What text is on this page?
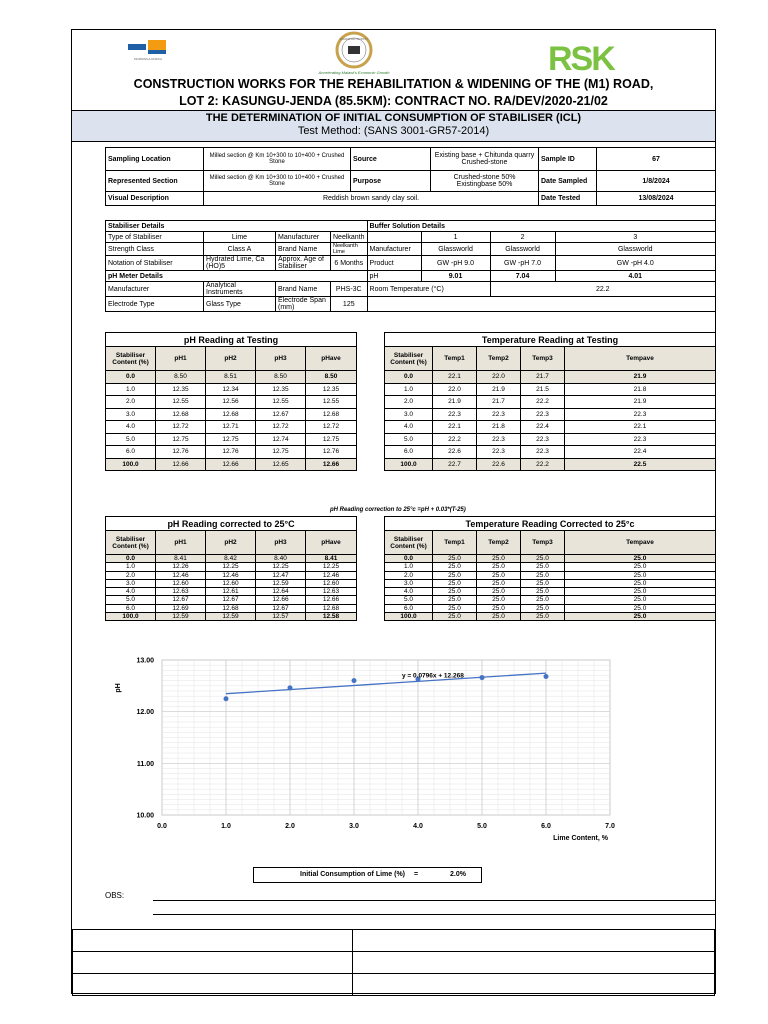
MORNINGA AFRICA
ROADS AUTHORITY
Accelerating Malawi's Economic Growth	RSK
CONSTRUCTION WORKS FOR THE REHABILITATION & WIDENING OF THE (M1) ROAD,
LOT 2: KASUNGU-JENDA (85.5KM): CONTRACT NO. RA/DEV/2020-21/02
THE DETERMINATION OF INITIAL CONSUMPTION OF STABILISER (ICL)
Test Method: (SANS 3001-GR57-2014)
Sampling Location	Milled section @ Km 10+300 to 10+400 + Crushed Stone	Source	Existing base + Chitunda quarry Crushed-stone	Sample ID	67
Represented Section	Milled section @ Km 10+300 to 10+400 + Crushed Stone	Purpose	Crushed-stone 50% Existingbase 50%	Date Sampled	1/8/2024
Visual Description	Reddish brown sandy clay soil.			Date Tested	13/08/2024
Stabiliser Details				Buffer Solution Details			
Type of Stabiliser	Lime	Manufacturer	Neelkanth		1	2	3
Strength Class	Class A	Brand Name	Neelkanth Lime	Manufacturer	Glassworld	Glassworld	Glassworld
Notation of Stabiliser	Hydrated Lime, Ca (HO)5	Approx. Age of Stabiliser	6 Months	Product	GW -pH 9.0	GW -pH 7.0	GW -pH 4.0
pH Meter Details				pH	9.01	7.04	4.01
Manufacturer	Analytical Instruments	Brand Name	PHS-3C	Room Temperature (°C)		22.2	
Electrode Type	Glass Type	Electrode Span (mm)	125				
pH Reading at Testing				
Stabiliser Content (%)	pH1	pH2	pH3	pHave
0.0	8.50	8.51	8.50	8.50
1.0	12.35	12.34	12.35	12.35
2.0	12.55	12.56	12.55	12.55
3.0	12.68	12.68	12.67	12.68
4.0	12.72	12.71	12.72	12.72
5.0	12.75	12.75	12.74	12.75
6.0	12.76	12.76	12.75	12.76
100.0	12.66	12.66	12.65	12.66
Temperature Reading at Testing				
Stabiliser Content (%)	Temp1	Temp2	Temp3	Tempave
0.0	22.1	22.0	21.7	21.9
1.0	22.0	21.9	21.5	21.8
2.0	21.9	21.7	22.2	21.9
3.0	22.3	22.3	22.3	22.3
4.0	22.1	21.8	22.4	22.1
5.0	22.2	22.3	22.3	22.3
6.0	22.6	22.3	22.3	22.4
100.0	22.7	22.6	22.2	22.5
pH Reading correction to 25°c =pH + 0.03*(T-25)
pH Reading corrected to 25°C				
Stabiliser Content (%)	pH1	pH2	pH3	pHave
0.0	8.41	8.42	8.40	8.41
1.0	12.26	12.25	12.25	12.25
2.0	12.46	12.46	12.47	12.46
3.0	12.60	12.60	12.59	12.60
4.0	12.63	12.61	12.64	12.63
5.0	12.67	12.67	12.66	12.66
6.0	12.69	12.68	12.67	12.68
100.0	12.59	12.59	12.57	12.58
Temperature Reading Corrected to 25°c				
Stabiliser Content (%)	Temp1	Temp2	Temp3	Tempave
0.0	25.0	25.0	25.0	25.0
1.0	25.0	25.0	25.0	25.0
2.0	25.0	25.0	25.0	25.0
3.0	25.0	25.0	25.0	25.0
4.0	25.0	25.0	25.0	25.0
5.0	25.0	25.0	25.0	25.0
6.0	25.0	25.0	25.0	25.0
100.0	25.0	25.0	25.0	25.0
0.0	1.0	2.0	3.0	4.0	5.0	6.0	7.0
10.00
11.00
12.00
13.00
Lime Content, %
pH
y = 0.0796x + 12.268
Initial Consumption of Lime (%) =	2.0%
OBS:
